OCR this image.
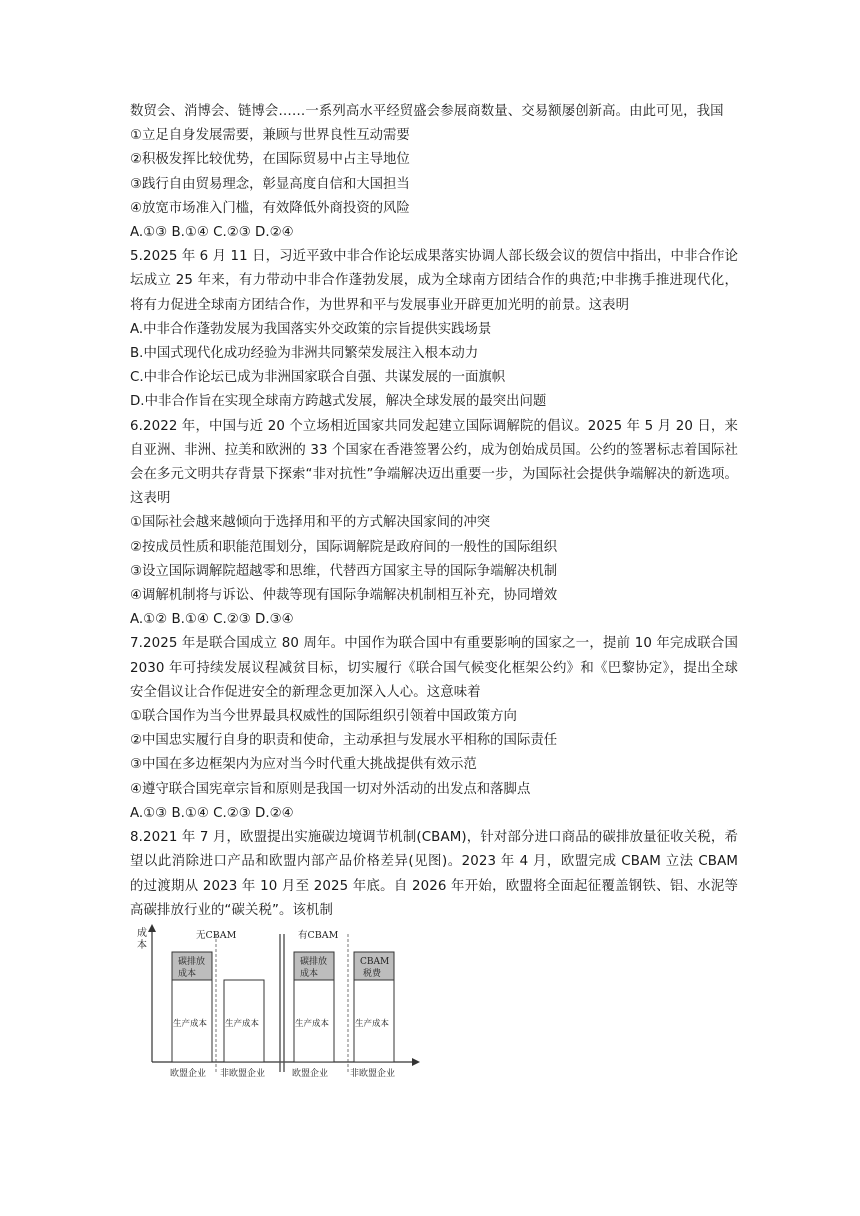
数贸会、消博会、链博会……一系列高水平经贸盛会参展商数量、交易额屡创新高。由此可见，我国

①立足自身发展需要，兼顾与世界良性互动需要

②积极发挥比较优势，在国际贸易中占主导地位

③践行自由贸易理念，彰显高度自信和大国担当

④放宽市场准入门槛，有效降低外商投资的风险

A.①③ B.①④ C.②③ D.②④

5.2025 年 6 月 11 日，习近平致中非合作论坛成果落实协调人部长级会议的贺信中指出，中非合作论坛成立 25 年来，有力带动中非合作蓬勃发展，成为全球南方团结合作的典范;中非携手推进现代化，将有力促进全球南方团结合作，为世界和平与发展事业开辟更加光明的前景。这表明

A.中非合作蓬勃发展为我国落实外交政策的宗旨提供实践场景

B.中国式现代化成功经验为非洲共同繁荣发展注入根本动力

C.中非合作论坛已成为非洲国家联合自强、共谋发展的一面旗帜

D.中非合作旨在实现全球南方跨越式发展，解决全球发展的最突出问题

6.2022 年，中国与近 20 个立场相近国家共同发起建立国际调解院的倡议。2025 年 5 月 20 日，来自亚洲、非洲、拉美和欧洲的 33 个国家在香港签署公约，成为创始成员国。公约的签署标志着国际社会在多元文明共存背景下探索“非对抗性”争端解决迈出重要一步，为国际社会提供争端解决的新选项。这表明

①国际社会越来越倾向于选择用和平的方式解决国家间的冲突

②按成员性质和职能范围划分，国际调解院是政府间的一般性的国际组织

③设立国际调解院超越零和思维，代替西方国家主导的国际争端解决机制

④调解机制将与诉讼、仲裁等现有国际争端解决机制相互补充，协同增效

A.①② B.①④ C.②③ D.③④

7.2025 年是联合国成立 80 周年。中国作为联合国中有重要影响的国家之一，提前 10 年完成联合国 2030 年可持续发展议程减贫目标，切实履行《联合国气候变化框架公约》和《巴黎协定》，提出全球安全倡议让合作促进安全的新理念更加深入人心。这意味着

①联合国作为当今世界最具权威性的国际组织引领着中国政策方向

②中国忠实履行自身的职责和使命，主动承担与发展水平相称的国际责任

③中国在多边框架内为应对当今时代重大挑战提供有效示范

④遵守联合国宪章宗旨和原则是我国一切对外活动的出发点和落脚点

A.①③ B.①④ C.②③ D.②④

8.2021 年 7 月，欧盟提出实施碳边境调节机制(CBAM)，针对部分进口商品的碳排放量征收关税，希望以此消除进口产品和欧盟内部产品价格差异(见图)。2023 年 4 月，欧盟完成 CBAM 立法 CBAM 的过渡期从 2023 年 10 月至 2025 年底。自 2026 年开始，欧盟将全面起征覆盖钢铁、铝、水泥等高碳排放行业的“碳关税”。该机制

成 本
无CBAM	有CBAM
碳排放
成本
生产成本 生产成本
碳排放
成本
生产成本
CBAM
税费
生产成本
欧盟企业 非欧盟企业	欧盟企业 非欧盟企业
